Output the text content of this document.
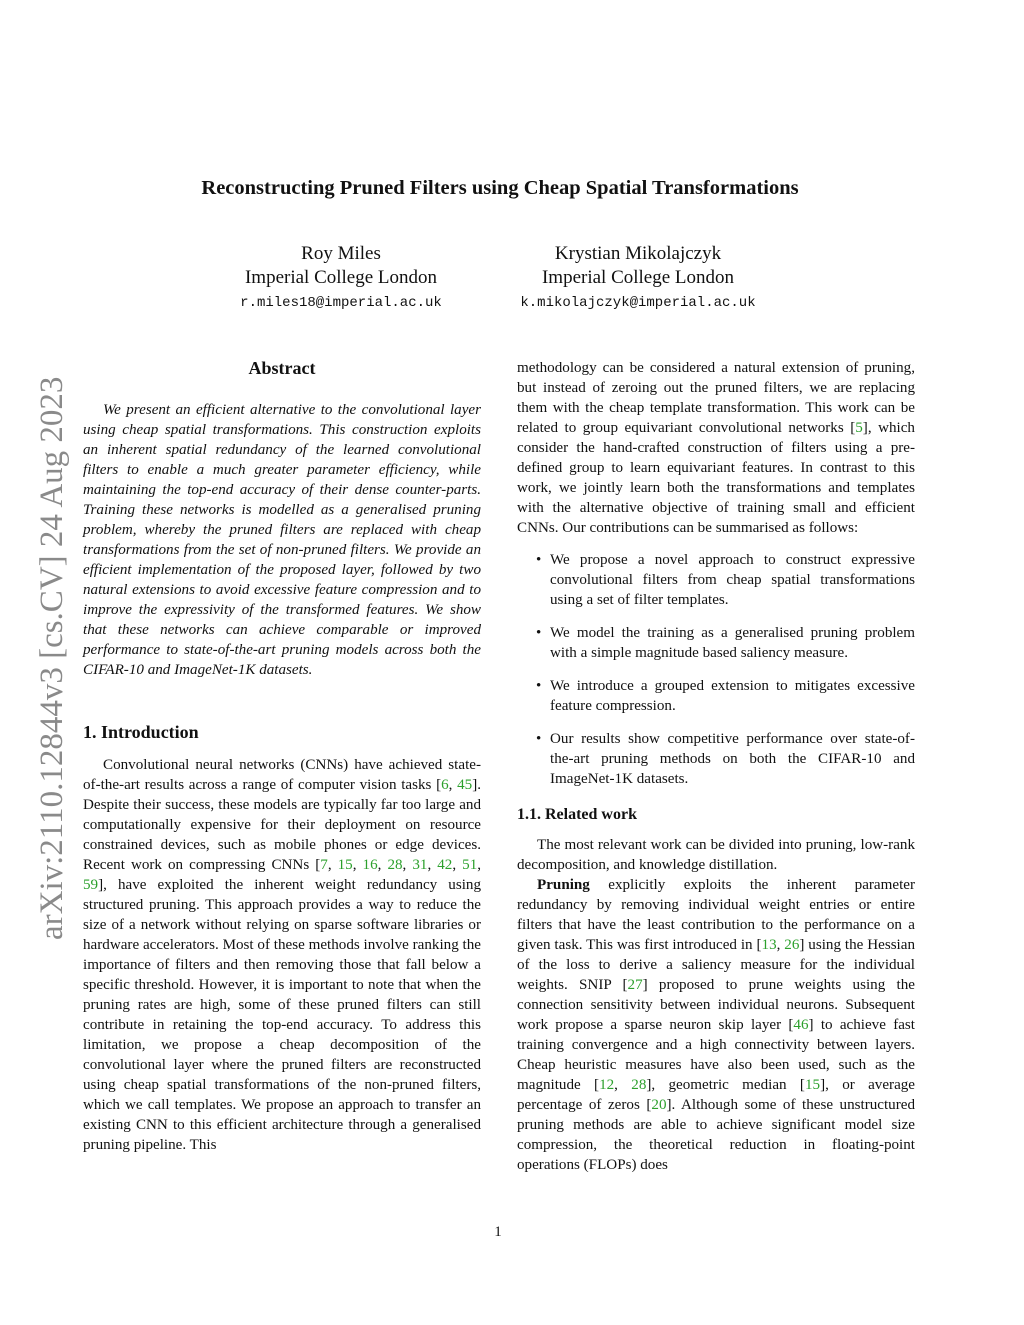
Reconstructing Pruned Filters using Cheap Spatial Transformations
Roy Miles
Imperial College London
r.miles18@imperial.ac.uk
Krystian Mikolajczyk
Imperial College London
k.mikolajczyk@imperial.ac.uk
arXiv:2110.12844v3 [cs.CV] 24 Aug 2023
Abstract

We present an efficient alternative to the convolutional layer using cheap spatial transformations. This construction exploits an inherent spatial redundancy of the learned convolutional filters to enable a much greater parameter efficiency, while maintaining the top-end accuracy of their dense counter-parts. Training these networks is modelled as a generalised pruning problem, whereby the pruned filters are replaced with cheap transformations from the set of non-pruned filters. We provide an efficient implementation of the proposed layer, followed by two natural extensions to avoid excessive feature compression and to improve the expressivity of the transformed features. We show that these networks can achieve comparable or improved performance to state-of-the-art pruning models across both the CIFAR-10 and ImageNet-1K datasets.

1. Introduction

Convolutional neural networks (CNNs) have achieved state-of-the-art results across a range of computer vision tasks [6, 45]. Despite their success, these models are typically far too large and computationally expensive for their deployment on resource constrained devices, such as mobile phones or edge devices. Recent work on compressing CNNs [7, 15, 16, 28, 31, 42, 51, 59], have exploited the inherent weight redundancy using structured pruning. This approach provides a way to reduce the size of a network without relying on sparse software libraries or hardware accelerators. Most of these methods involve ranking the importance of filters and then removing those that fall below a specific threshold. However, it is important to note that when the pruning rates are high, some of these pruned filters can still contribute in retaining the top-end accuracy. To address this limitation, we propose a cheap decomposition of the convolutional layer where the pruned filters are reconstructed using cheap spatial transformations of the non-pruned filters, which we call templates. We propose an approach to transfer an existing CNN to this efficient architecture through a generalised pruning pipeline. This

methodology can be considered a natural extension of pruning, but instead of zeroing out the pruned filters, we are replacing them with the cheap template transformation. This work can be related to group equivariant convolutional networks [5], which consider the hand-crafted construction of filters using a pre-defined group to learn equivariant features. In contrast to this work, we jointly learn both the transformations and templates with the alternative objective of training small and efficient CNNs. Our contributions can be summarised as follows:

• We propose a novel approach to construct expressive convolutional filters from cheap spatial transformations using a set of filter templates.
• We model the training as a generalised pruning problem with a simple magnitude based saliency measure.
• We introduce a grouped extension to mitigates excessive feature compression.
• Our results show competitive performance over state-of-the-art pruning methods on both the CIFAR-10 and ImageNet-1K datasets.
1.1. Related work

The most relevant work can be divided into pruning, low-rank decomposition, and knowledge distillation.

Pruning explicitly exploits the inherent parameter redundancy by removing individual weight entries or entire filters that have the least contribution to the performance on a given task. This was first introduced in [13, 26] using the Hessian of the loss to derive a saliency measure for the individual weights. SNIP [27] proposed to prune weights using the connection sensitivity between individual neurons. Subsequent work propose a sparse neuron skip layer [46] to achieve fast training convergence and a high connectivity between layers. Cheap heuristic measures have also been used, such as the magnitude [12, 28], geometric median [15], or average percentage of zeros [20]. Although some of these unstructured pruning methods are able to achieve significant model size compression, the theoretical reduction in floating-point operations (FLOPs) does

1
